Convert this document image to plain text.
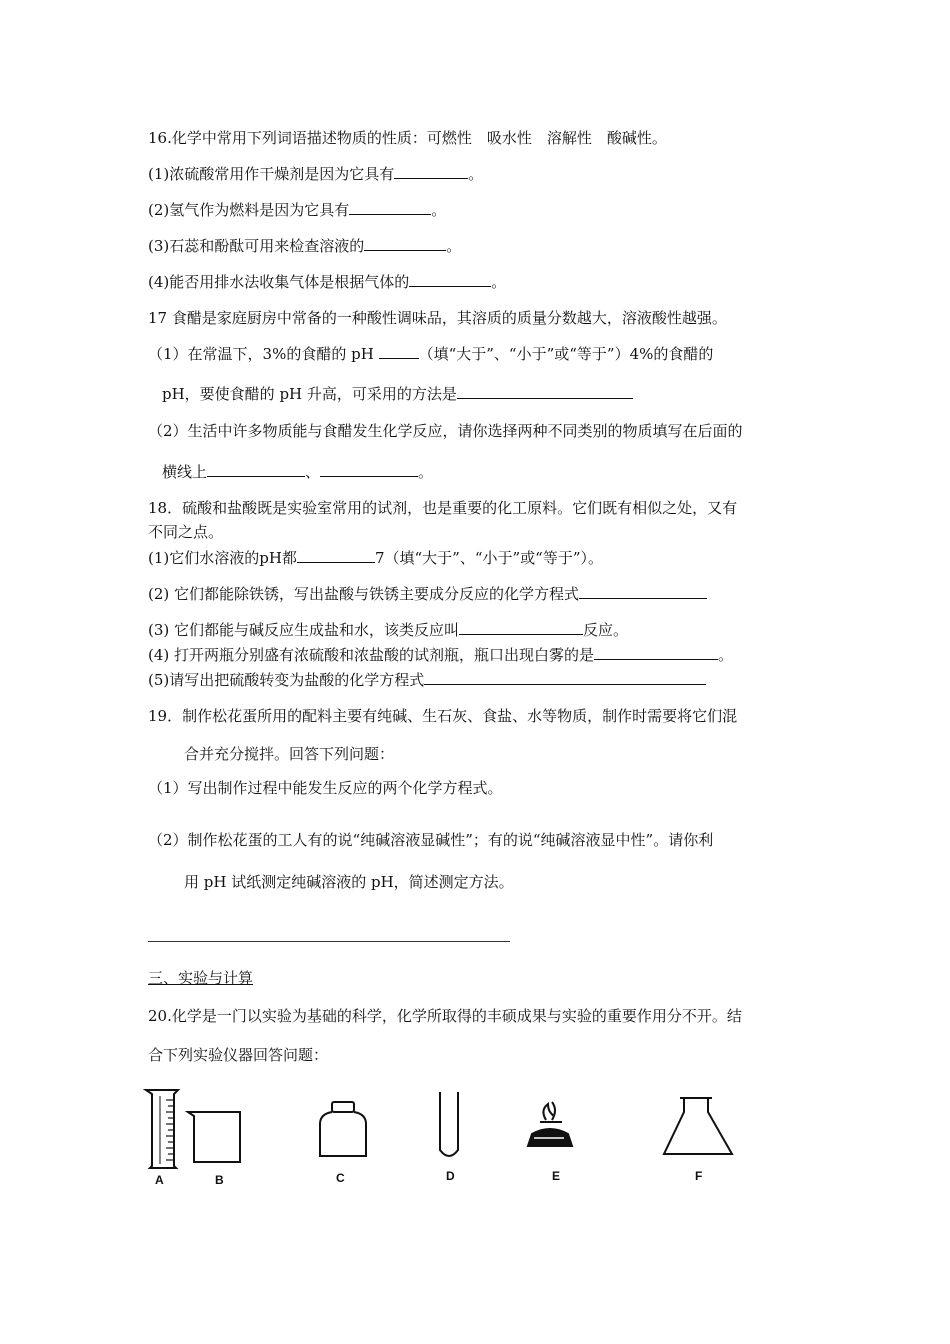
16.化学中常用下列词语描述物质的性质：可燃性　吸水性　溶解性　酸碱性。
(1)浓硫酸常用作干燥剂是因为它具有	。
(2)氢气作为燃料是因为它具有	。
(3)石蕊和酚酞可用来检查溶液的	。
(4)能否用排水法收集气体是根据气体的	。
17 食醋是家庭厨房中常备的一种酸性调味品，其溶质的质量分数越大，溶液酸性越强。
（1）在常温下，3%的食醋的 pH	（填“大于”、“小于”或“等于”）4%的食醋的
pH，要使食醋的 pH 升高，可采用的方法是
（2）生活中许多物质能与食醋发生化学反应，请你选择两种不同类别的物质填写在后面的
横线上	、	。
18．硫酸和盐酸既是实验室常用的试剂，也是重要的化工原料。它们既有相似之处，又有
不同之点。
(1)它们水溶液的pH都	7（填“大于”、“小于”或“等于”）。
(2) 它们都能除铁锈，写出盐酸与铁锈主要成分反应的化学方程式
(3) 它们都能与碱反应生成盐和水，该类反应叫	反应。
(4) 打开两瓶分别盛有浓硫酸和浓盐酸的试剂瓶，瓶口出现白雾的是	。
(5)请写出把硫酸转变为盐酸的化学方程式
19．制作松花蛋所用的配料主要有纯碱、生石灰、食盐、水等物质，制作时需要将它们混
合并充分搅拌。回答下列问题：
（1）写出制作过程中能发生反应的两个化学方程式。
（2）制作松花蛋的工人有的说“纯碱溶液显碱性”；有的说“纯碱溶液显中性”。请你利
用 pH 试纸测定纯碱溶液的 pH，简述测定方法。
三、实验与计算
20.化学是一门以实验为基础的科学，化学所取得的丰硕成果与实验的重要作用分不开。结
合下列实验仪器回答问题：
A	B	C	D	E	F
